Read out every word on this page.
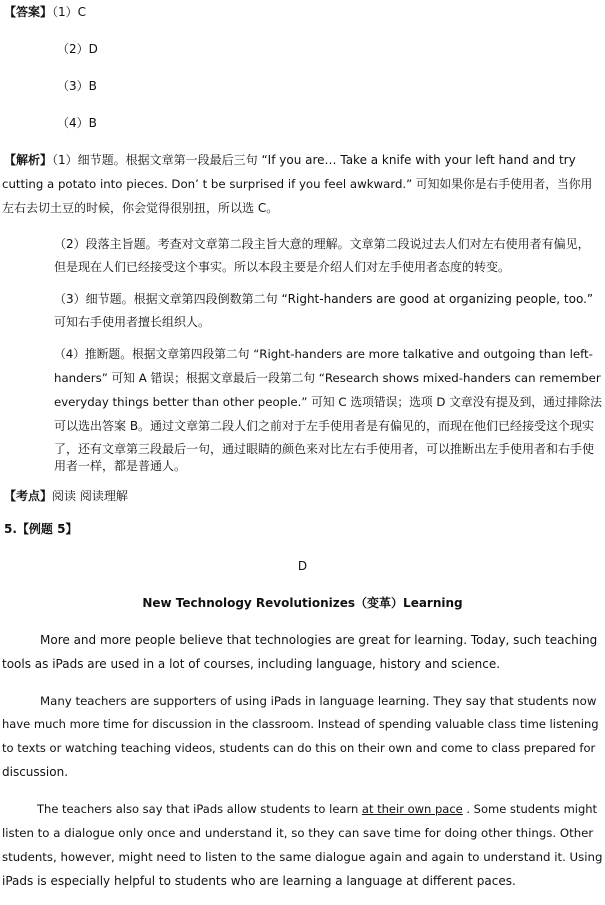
【答案】（1）C
（2）D
（3）B
（4）B
【解析】（1）细节题。根据文章第一段最后三句 “If you are… Take a knife with your left hand and try
cutting a potato into pieces. Don’ t be surprised if you feel awkward.” 可知如果你是右手使用者，当你用
左右去切土豆的时候，你会觉得很别扭，所以选 C。
（2）段落主旨题。考查对文章第二段主旨大意的理解。文章第二段说过去人们对左右使用者有偏见，
但是现在人们已经接受这个事实。所以本段主要是介绍人们对左手使用者态度的转变。
（3）细节题。根据文章第四段倒数第二句 “Right-handers are good at organizing people, too.”
可知右手使用者擅长组织人。
（4）推断题。根据文章第四段第二句 “Right-handers are more talkative and outgoing than left-
handers” 可知 A 错误；根据文章最后一段第二句 “Research shows mixed-handers can remember
everyday things better than other people.” 可知 C 选项错误；选项 D 文章没有提及到，通过排除法
可以选出答案 B。通过文章第二段人们之前对于左手使用者是有偏见的，而现在他们已经接受这个现实
了，还有文章第三段最后一句，通过眼睛的颜色来对比左右手使用者，可以推断出左手使用者和右手使
用者一样，都是普通人。
【考点】阅读 阅读理解
5.【例题 5】
D
New Technology Revolutionizes（变革）Learning
More and more people believe that technologies are great for learning. Today, such teaching
tools as iPads are used in a lot of courses, including language, history and science.
Many teachers are supporters of using iPads in language learning. They say that students now
have much more time for discussion in the classroom. Instead of spending valuable class time listening
to texts or watching teaching videos, students can do this on their own and come to class prepared for
discussion.
The teachers also say that iPads allow students to learn at their own pace . Some students might
listen to a dialogue only once and understand it, so they can save time for doing other things. Other
students, however, might need to listen to the same dialogue again and again to understand it. Using
iPads is especially helpful to students who are learning a language at different paces.
